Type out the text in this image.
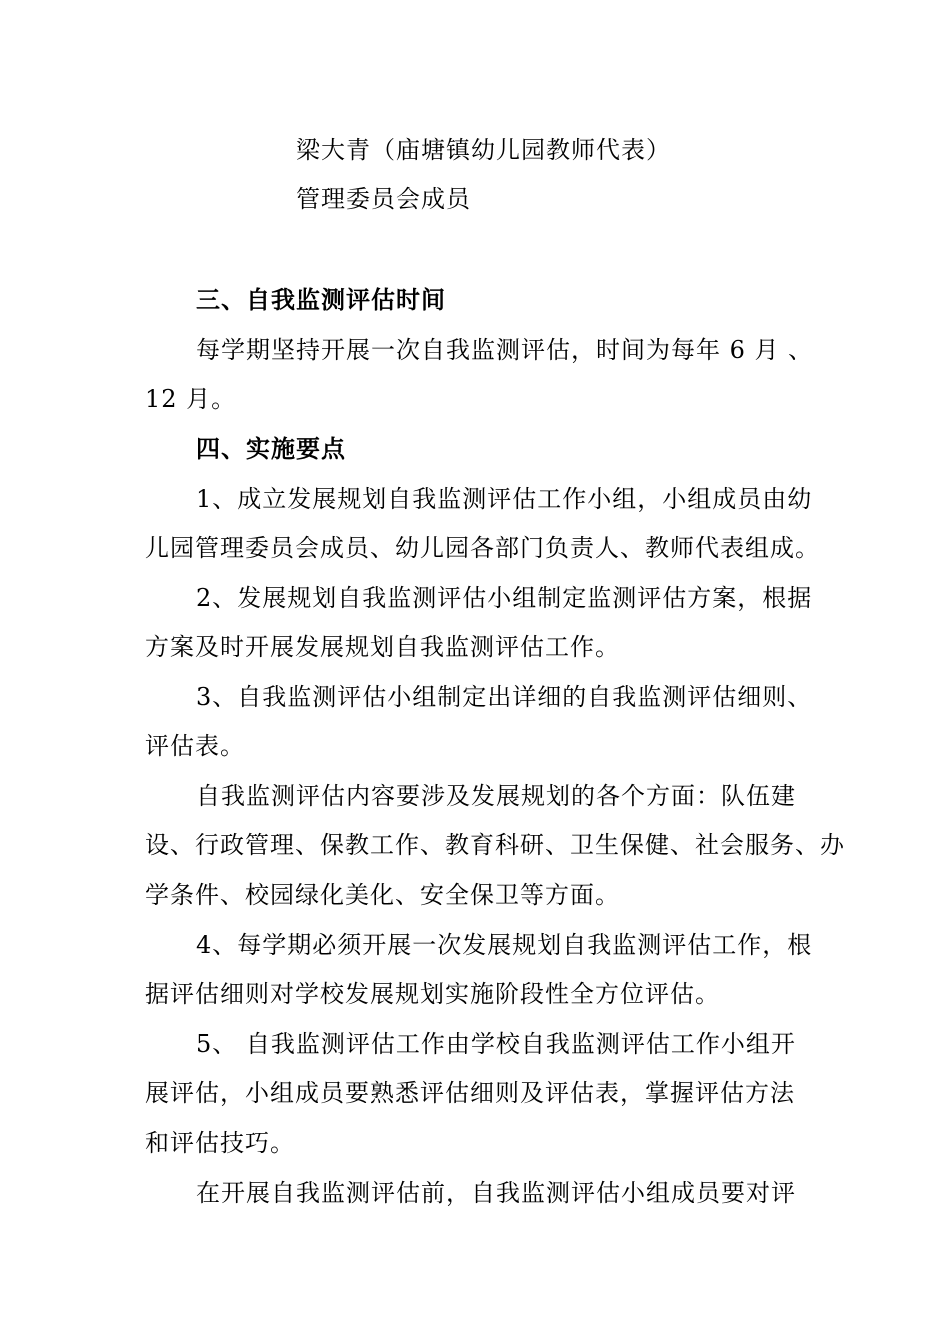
梁大青（庙塘镇幼儿园教师代表）
管理委员会成员
三、自我监测评估时间
每学期坚持开展一次自我监测评估，时间为每年 6 月 、
12 月。
四、实施要点
1、成立发展规划自我监测评估工作小组，小组成员由幼
儿园管理委员会成员、幼儿园各部门负责人、教师代表组成。
2、发展规划自我监测评估小组制定监测评估方案，根据
方案及时开展发展规划自我监测评估工作。
3、自我监测评估小组制定出详细的自我监测评估细则、
评估表。
自我监测评估内容要涉及发展规划的各个方面：队伍建
设、行政管理、保教工作、教育科研、卫生保健、社会服务、办
学条件、校园绿化美化、安全保卫等方面。
4、每学期必须开展一次发展规划自我监测评估工作，根
据评估细则对学校发展规划实施阶段性全方位评估。
5、 自我监测评估工作由学校自我监测评估工作小组开
展评估，小组成员要熟悉评估细则及评估表，掌握评估方法
和评估技巧。
在开展自我监测评估前，自我监测评估小组成员要对评
